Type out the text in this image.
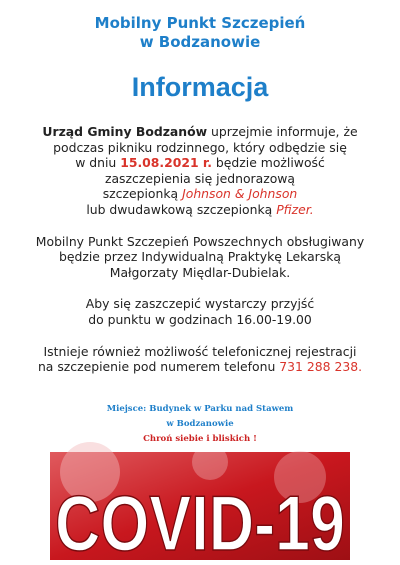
Mobilny Punkt Szczepień
w Bodzanowie
Informacja

Urząd Gminy Bodzanów uprzejmie informuje, że
podczas pikniku rodzinnego, który odbędzie się
w dniu 15.08.2021 r. będzie możliwość
zaszczepienia się jednorazową
szczepionką Johnson & Johnson
lub dwudawkową szczepionką Pfizer.

Mobilny Punkt Szczepień Powszechnych obsługiwany
będzie przez Indywidualną Praktykę Lekarską
Małgorzaty Międlar-Dubielak.

Aby się zaszczepić wystarczy przyjść
do punktu w godzinach 16.00-19.00

Istnieje również możliwość telefonicznej rejestracji
na szczepienie pod numerem telefonu 731 288 238.

Miejsce: Budynek w Parku nad Stawem
w Bodzanowie
Chroń siebie i bliskich !
COVID-19
